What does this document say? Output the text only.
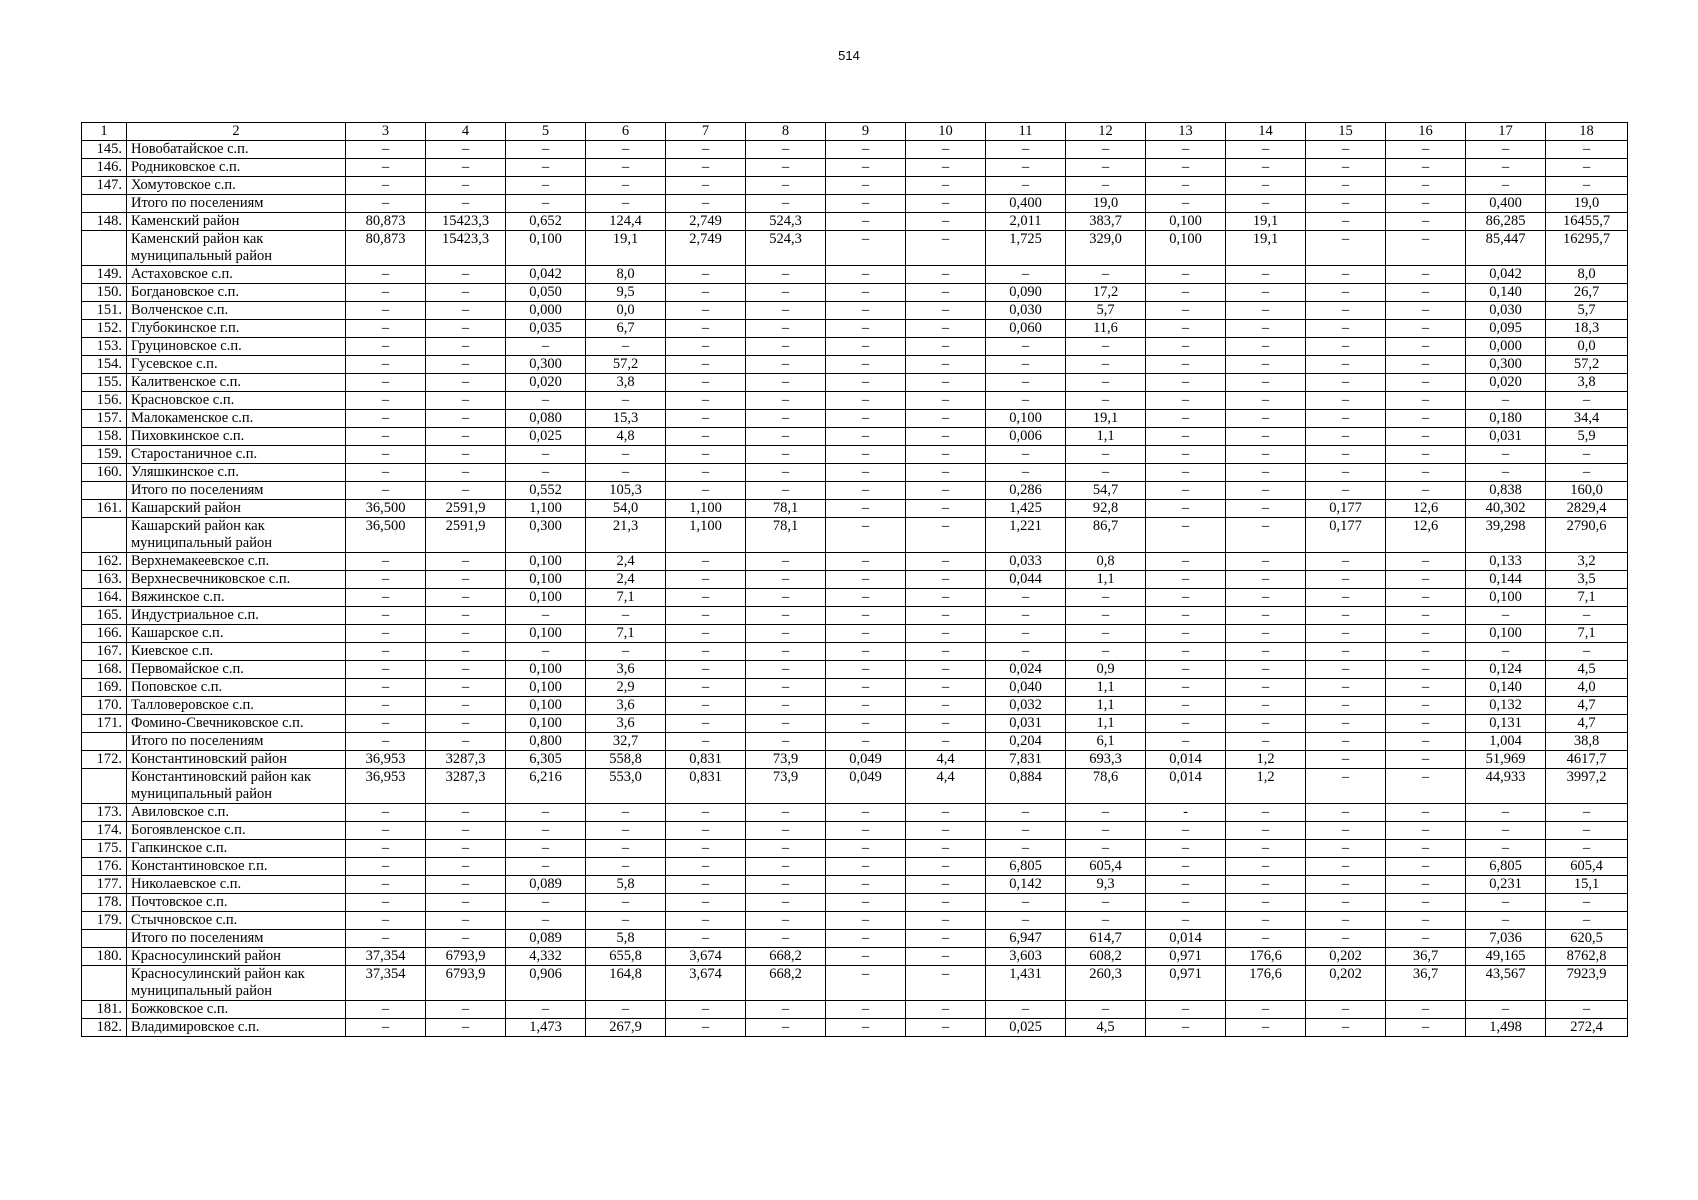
514
1	2	3	4	5	6	7	8	9	10	11	12	13	14	15	16	17	18
145.	Новобатайское с.п.	–	–	–	–	–	–	–	–	–	–	–	–	–	–	–	–
146.	Родниковское с.п.	–	–	–	–	–	–	–	–	–	–	–	–	–	–	–	–
147.	Хомутовское с.п.	–	–	–	–	–	–	–	–	–	–	–	–	–	–	–	–
	Итого по поселениям	–	–	–	–	–	–	–	–	0,400	19,0	–	–	–	–	0,400	19,0
148.	Каменский район	80,873	15423,3	0,652	124,4	2,749	524,3	–	–	2,011	383,7	0,100	19,1	–	–	86,285	16455,7
	Каменский район как муниципальный район	80,873	15423,3	0,100	19,1	2,749	524,3	–	–	1,725	329,0	0,100	19,1	–	–	85,447	16295,7
149.	Астаховское с.п.	–	–	0,042	8,0	–	–	–	–	–	–	–	–	–	–	0,042	8,0
150.	Богдановское с.п.	–	–	0,050	9,5	–	–	–	–	0,090	17,2	–	–	–	–	0,140	26,7
151.	Волченское с.п.	–	–	0,000	0,0	–	–	–	–	0,030	5,7	–	–	–	–	0,030	5,7
152.	Глубокинское г.п.	–	–	0,035	6,7	–	–	–	–	0,060	11,6	–	–	–	–	0,095	18,3
153.	Груциновское с.п.	–	–	–	–	–	–	–	–	–	–	–	–	–	–	0,000	0,0
154.	Гусевское с.п.	–	–	0,300	57,2	–	–	–	–	–	–	–	–	–	–	0,300	57,2
155.	Калитвенское с.п.	–	–	0,020	3,8	–	–	–	–	–	–	–	–	–	–	0,020	3,8
156.	Красновское с.п.	–	–	–	–	–	–	–	–	–	–	–	–	–	–	–	–
157.	Малокаменское с.п.	–	–	0,080	15,3	–	–	–	–	0,100	19,1	–	–	–	–	0,180	34,4
158.	Пиховкинское с.п.	–	–	0,025	4,8	–	–	–	–	0,006	1,1	–	–	–	–	0,031	5,9
159.	Старостаничное с.п.	–	–	–	–	–	–	–	–	–	–	–	–	–	–	–	–
160.	Уляшкинское с.п.	–	–	–	–	–	–	–	–	–	–	–	–	–	–	–	–
	Итого по поселениям	–	–	0,552	105,3	–	–	–	–	0,286	54,7	–	–	–	–	0,838	160,0
161.	Кашарский район	36,500	2591,9	1,100	54,0	1,100	78,1	–	–	1,425	92,8	–	–	0,177	12,6	40,302	2829,4
	Кашарский район как муниципальный район	36,500	2591,9	0,300	21,3	1,100	78,1	–	–	1,221	86,7	–	–	0,177	12,6	39,298	2790,6
162.	Верхнемакеевское с.п.	–	–	0,100	2,4	–	–	–	–	0,033	0,8	–	–	–	–	0,133	3,2
163.	Верхнесвечниковское с.п.	–	–	0,100	2,4	–	–	–	–	0,044	1,1	–	–	–	–	0,144	3,5
164.	Вяжинское с.п.	–	–	0,100	7,1	–	–	–	–	–	–	–	–	–	–	0,100	7,1
165.	Индустриальное с.п.	–	–	–	–	–	–	–	–	–	–	–	–	–	–	–	–
166.	Кашарское с.п.	–	–	0,100	7,1	–	–	–	–	–	–	–	–	–	–	0,100	7,1
167.	Киевское с.п.	–	–	–	–	–	–	–	–	–	–	–	–	–	–	–	–
168.	Первомайское с.п.	–	–	0,100	3,6	–	–	–	–	0,024	0,9	–	–	–	–	0,124	4,5
169.	Поповское с.п.	–	–	0,100	2,9	–	–	–	–	0,040	1,1	–	–	–	–	0,140	4,0
170.	Талловеровское с.п.	–	–	0,100	3,6	–	–	–	–	0,032	1,1	–	–	–	–	0,132	4,7
171.	Фомино-Свечниковское с.п.	–	–	0,100	3,6	–	–	–	–	0,031	1,1	–	–	–	–	0,131	4,7
	Итого по поселениям	–	–	0,800	32,7	–	–	–	–	0,204	6,1	–	–	–	–	1,004	38,8
172.	Константиновский район	36,953	3287,3	6,305	558,8	0,831	73,9	0,049	4,4	7,831	693,3	0,014	1,2	–	–	51,969	4617,7
	Константиновский район как муниципальный район	36,953	3287,3	6,216	553,0	0,831	73,9	0,049	4,4	0,884	78,6	0,014	1,2	–	–	44,933	3997,2
173.	Авиловское с.п.	–	–	–	–	–	–	–	–	–	–	-	–	–	–	–	–
174.	Богоявленское с.п.	–	–	–	–	–	–	–	–	–	–	–	–	–	–	–	–
175.	Гапкинское с.п.	–	–	–	–	–	–	–	–	–	–	–	–	–	–	–	–
176.	Константиновское г.п.	–	–	–	–	–	–	–	–	6,805	605,4	–	–	–	–	6,805	605,4
177.	Николаевское с.п.	–	–	0,089	5,8	–	–	–	–	0,142	9,3	–	–	–	–	0,231	15,1
178.	Почтовское с.п.	–	–	–	–	–	–	–	–	–	–	–	–	–	–	–	–
179.	Стычновское с.п.	–	–	–	–	–	–	–	–	–	–	–	–	–	–	–	–
	Итого по поселениям	–	–	0,089	5,8	–	–	–	–	6,947	614,7	0,014	–	–	–	7,036	620,5
180.	Красносулинский район	37,354	6793,9	4,332	655,8	3,674	668,2	–	–	3,603	608,2	0,971	176,6	0,202	36,7	49,165	8762,8
	Красносулинский район как муниципальный район	37,354	6793,9	0,906	164,8	3,674	668,2	–	–	1,431	260,3	0,971	176,6	0,202	36,7	43,567	7923,9
181.	Божковское с.п.	–	–	–	–	–	–	–	–	–	–	–	–	–	–	–	–
182.	Владимировское с.п.	–	–	1,473	267,9	–	–	–	–	0,025	4,5	–	–	–	–	1,498	272,4
